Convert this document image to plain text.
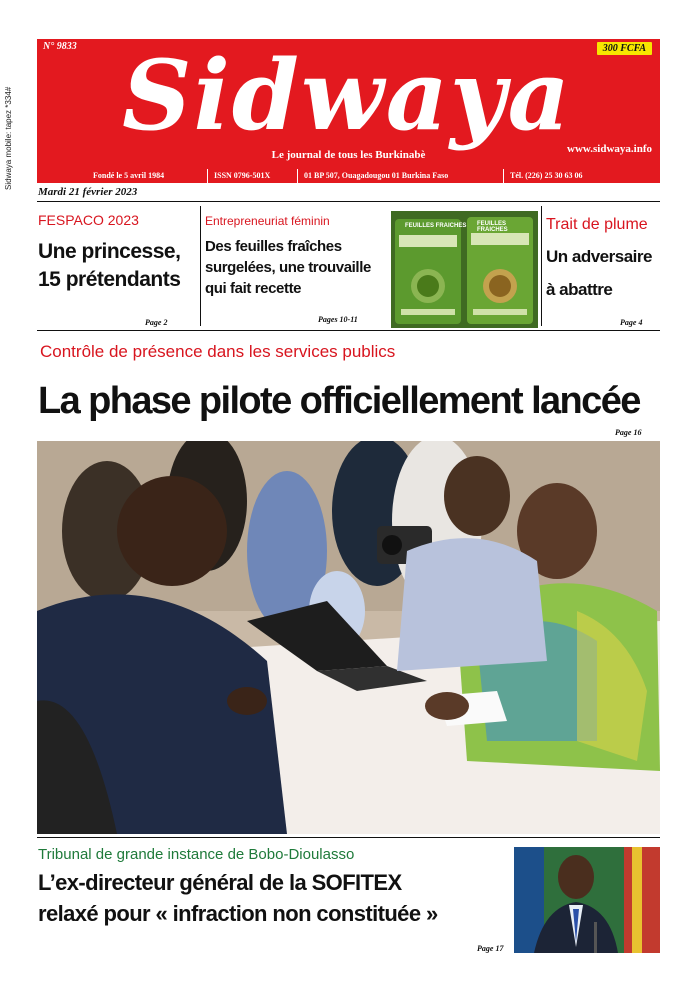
Sidwaya mobile: tapez *334#
N° 9833	300 FCFA
Sidwaya
Le journal de tous les Burkinabè	www.sidwaya.info
Fondé le 5 avril 1984	ISSN 0796-501X	01 BP 507, Ouagadougou 01 Burkina Faso	Tél. (226) 25 30 63 06
Mardi 21 février 2023
FESPACO 2023
Une princesse,
15 prétendants
Page 2
Entrepreneuriat féminin
Des feuilles fraîches
surgelées, une trouvaille
qui fait recette
Pages 10-11
FEUILLES FRAICHES FEUILLES FRAICHES	Trait de plume
Un adversaire
à abattre
Page 4
Contrôle de présence dans les services publics
La phase pilote officiellement lancée
Page 16
Tribunal de grande instance de Bobo-Dioulasso
L’ex-directeur général de la SOFITEX
relaxé pour « infraction non constituée »
Page 17
